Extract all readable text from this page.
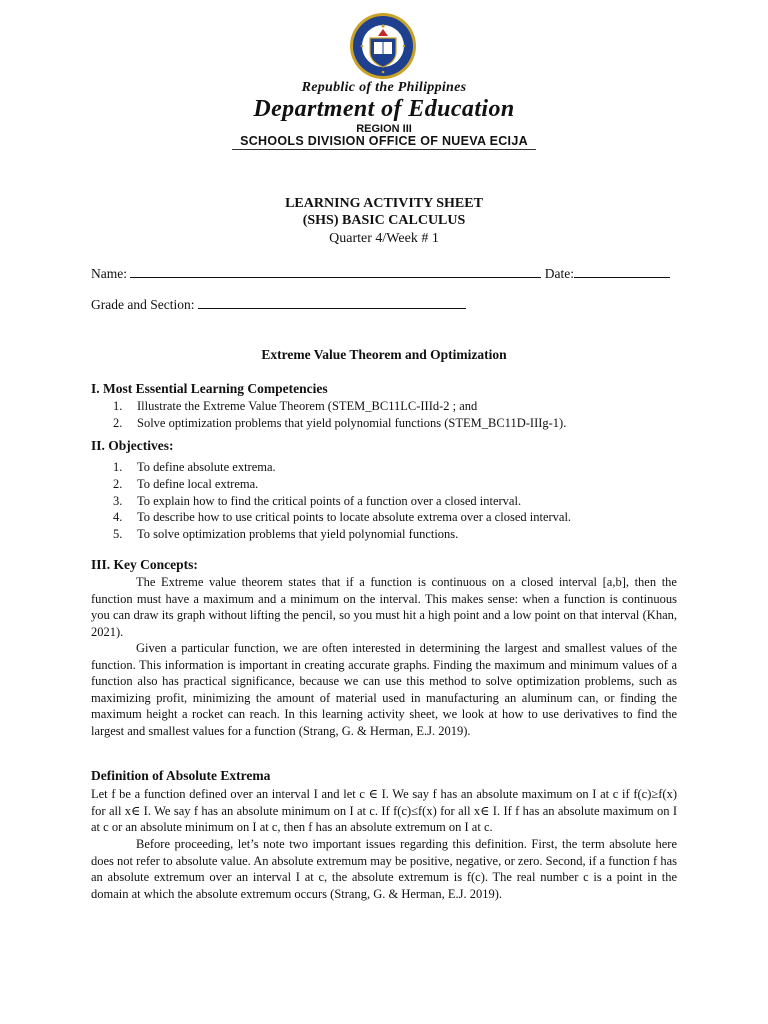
Republic of the Philippines
Department of Education
REGION III
SCHOOLS DIVISION OFFICE OF NUEVA ECIJA
LEARNING ACTIVITY SHEET
(SHS) BASIC CALCULUS
Quarter 4/Week # 1
Name:	Date:
Grade and Section:
Extreme Value Theorem and Optimization
I. Most Essential Learning Competencies
1. Illustrate the Extreme Value Theorem (STEM_BC11LC-IIId-2 ; and
2. Solve optimization problems that yield polynomial functions (STEM_BC11D-IIIg-1).
II. Objectives:
1. To define absolute extrema.
2. To define local extrema.
3. To explain how to find the critical points of a function over a closed interval.
4. To describe how to use critical points to locate absolute extrema over a closed interval.
5. To solve optimization problems that yield polynomial functions.
III. Key Concepts:

The Extreme value theorem states that if a function is continuous on a closed interval [a,b], then the function must have a maximum and a minimum on the interval. This makes sense: when a function is continuous you can draw its graph without lifting the pencil, so you must hit a high point and a low point on that interval (Khan, 2021).

Given a particular function, we are often interested in determining the largest and smallest values of the function. This information is important in creating accurate graphs. Finding the maximum and minimum values of a function also has practical significance, because we can use this method to solve optimization problems, such as maximizing profit, minimizing the amount of material used in manufacturing an aluminum can, or finding the maximum height a rocket can reach. In this learning activity sheet, we look at how to use derivatives to find the largest and smallest values for a function (Strang, G. & Herman, E.J. 2019).

Definition of Absolute Extrema

Let f be a function defined over an interval I and let c ∈ I. We say f has an absolute maximum on I at c if f(c)≥f(x) for all x∈ I. We say f has an absolute minimum on I at c. If f(c)≤f(x) for all x∈ I. If f has an absolute maximum on I at c or an absolute minimum on I at c, then f has an absolute extremum on I at c.

Before proceeding, let’s note two important issues regarding this definition. First, the term absolute here does not refer to absolute value. An absolute extremum may be positive, negative, or zero. Second, if a function f has an absolute extremum over an interval I at c, the absolute extremum is f(c). The real number c is a point in the domain at which the absolute extremum occurs (Strang, G. & Herman, E.J. 2019).
